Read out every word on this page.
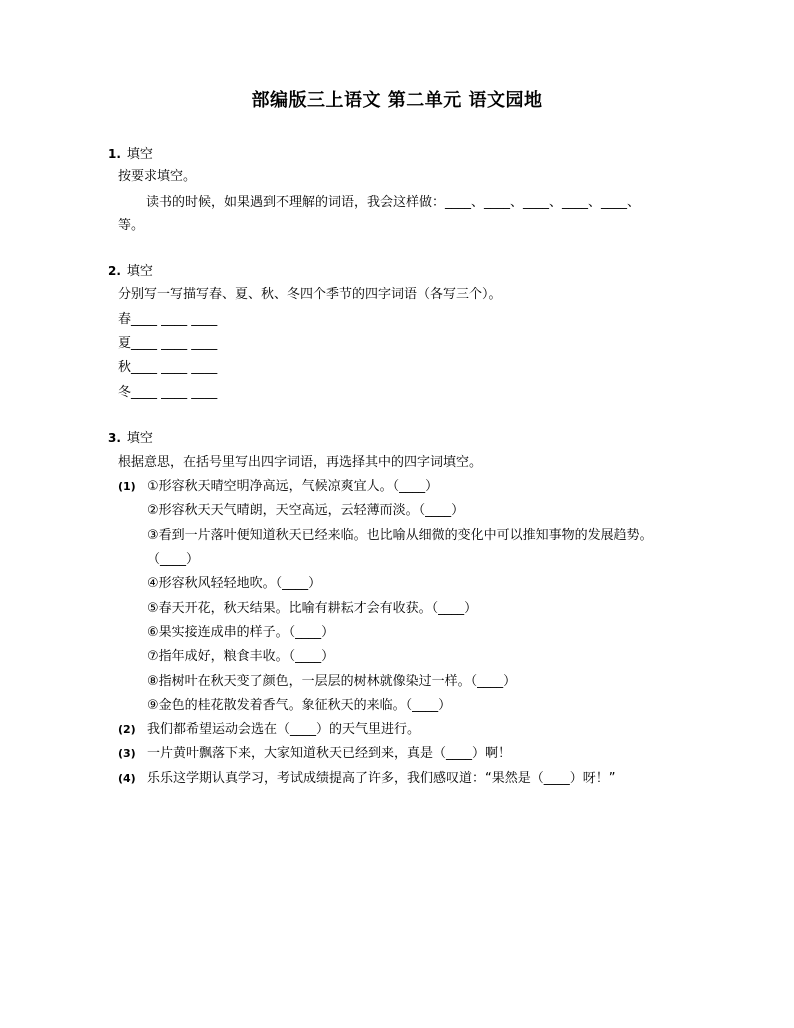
部编版三上语文 第二单元 语文园地
1. 填空
按要求填空。
读书的时候，如果遇到不理解的词语，我会这样做：____、____、____、____、____、
等。
2. 填空
分别写一写描写春、夏、秋、冬四个季节的四字词语（各写三个）。
春____ ____ ____
夏____ ____ ____
秋____ ____ ____
冬____ ____ ____
3. 填空
根据意思，在括号里写出四字词语，再选择其中的四字词填空。
(1) ①形容秋天晴空明净高远，气候凉爽宜人。（____）
②形容秋天天气晴朗，天空高远，云轻薄而淡。（____）
③看到一片落叶便知道秋天已经来临。也比喻从细微的变化中可以推知事物的发展趋势。
（____）
④形容秋风轻轻地吹。（____）
⑤春天开花，秋天结果。比喻有耕耘才会有收获。（____）
⑥果实接连成串的样子。（____）
⑦指年成好，粮食丰收。（____）
⑧指树叶在秋天变了颜色，一层层的树林就像染过一样。（____）
⑨金色的桂花散发着香气。象征秋天的来临。（____）
(2) 我们都希望运动会选在（____）的天气里进行。
(3) 一片黄叶飘落下来，大家知道秋天已经到来，真是（____）啊！
(4) 乐乐这学期认真学习，考试成绩提高了许多，我们感叹道：“果然是（____）呀！”
